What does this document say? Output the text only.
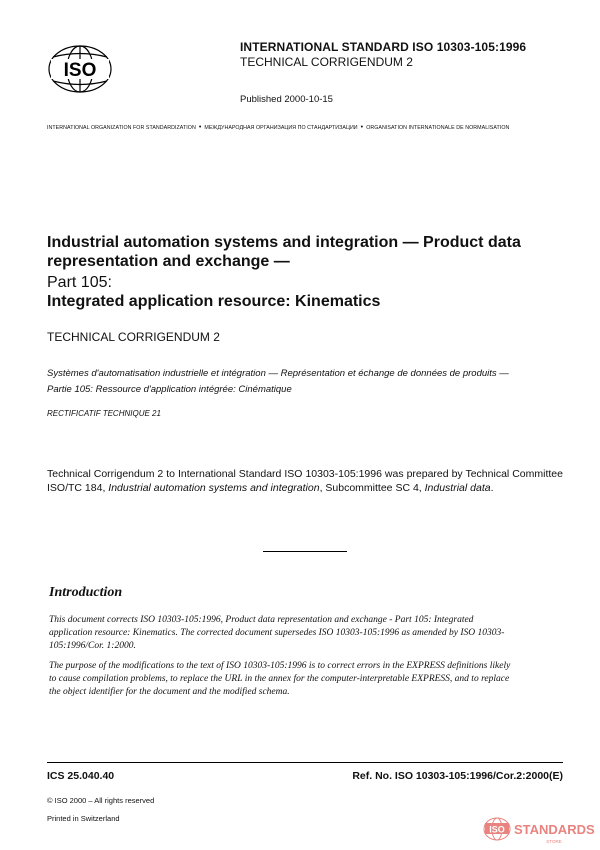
ISO
INTERNATIONAL STANDARD ISO 10303-105:1996
TECHNICAL CORRIGENDUM 2
Published 2000-10-15
INTERNATIONAL ORGANIZATION FOR STANDARDIZATION • МЕЖДУНАРОДНАЯ ОРГАНИЗАЦИЯ ПО СТАНДАРТИЗАЦИИ • ORGANISATION INTERNATIONALE DE NORMALISATION
Industrial automation systems and integration — Product data representation and exchange —
Part 105:
Integrated application resource: Kinematics
TECHNICAL CORRIGENDUM 2
Systèmes d'automatisation industrielle et intégration — Représentation et échange de données de produits —
Partie 105: Ressource d'application intégrée: Cinématique
RECTIFICATIF TECHNIQUE 21
Technical Corrigendum 2 to International Standard ISO 10303-105:1996 was prepared by Technical Committee ISO/TC 184, Industrial automation systems and integration, Subcommittee SC 4, Industrial data.
Introduction
This document corrects ISO 10303-105:1996, Product data representation and exchange - Part 105: Integrated application resource: Kinematics. The corrected document supersedes ISO 10303-105:1996 as amended by ISO 10303-105:1996/Cor. 1:2000.
The purpose of the modifications to the text of ISO 10303-105:1996 is to correct errors in the EXPRESS definitions likely to cause compilation problems, to replace the URL in the annex for the computer-interpretable EXPRESS, and to replace the object identifier for the document and the modified schema.
ICS 25.040.40	Ref. No. ISO 10303-105:1996/Cor.2:2000(E)
© ISO 2000 – All rights reserved
Printed in Switzerland
ISO STANDARDS
STORE
